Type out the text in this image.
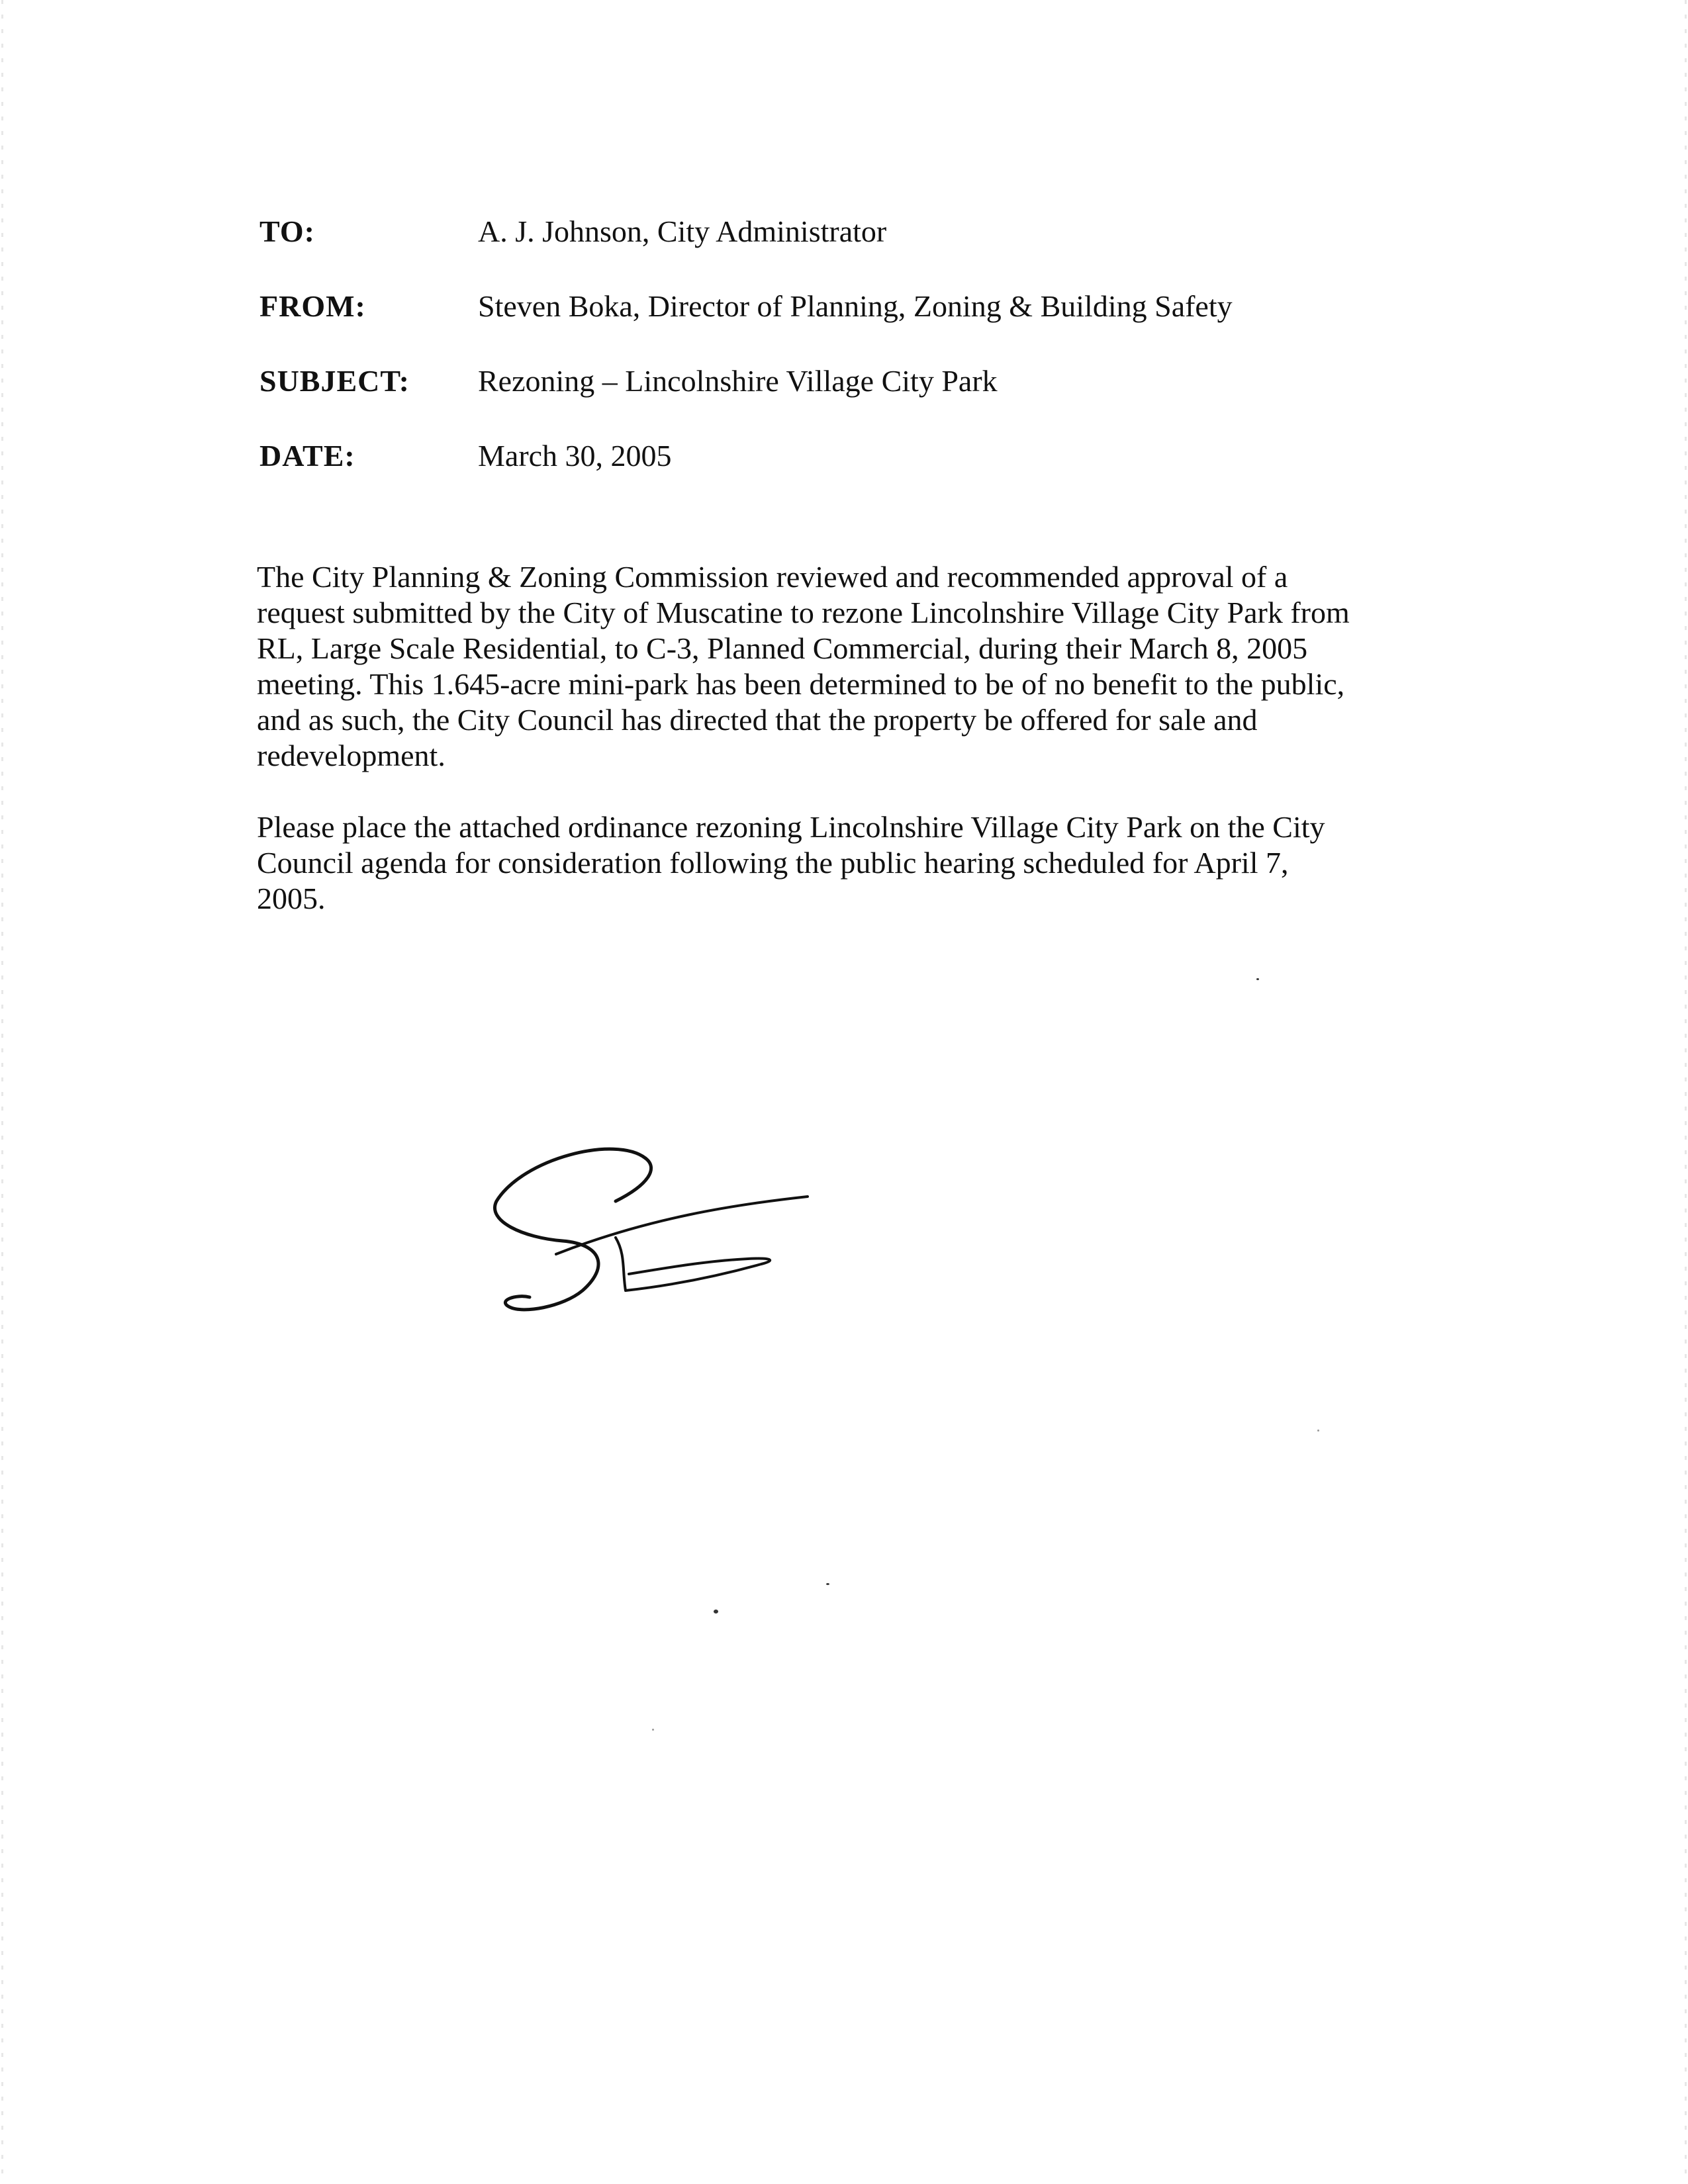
TO:	A. J. Johnson, City Administrator
FROM:	Steven Boka, Director of Planning, Zoning & Building Safety
SUBJECT: Rezoning – Lincolnshire Village City Park
DATE:	March 30, 2005

The City Planning & Zoning Commission reviewed and recommended approval of a
request submitted by the City of Muscatine to rezone Lincolnshire Village City Park from
RL, Large Scale Residential, to C-3, Planned Commercial, during their March 8, 2005
meeting. This 1.645-acre mini-park has been determined to be of no benefit to the public,
and as such, the City Council has directed that the property be offered for sale and
redevelopment.

Please place the attached ordinance rezoning Lincolnshire Village City Park on the City
Council agenda for consideration following the public hearing scheduled for April 7,
2005.
